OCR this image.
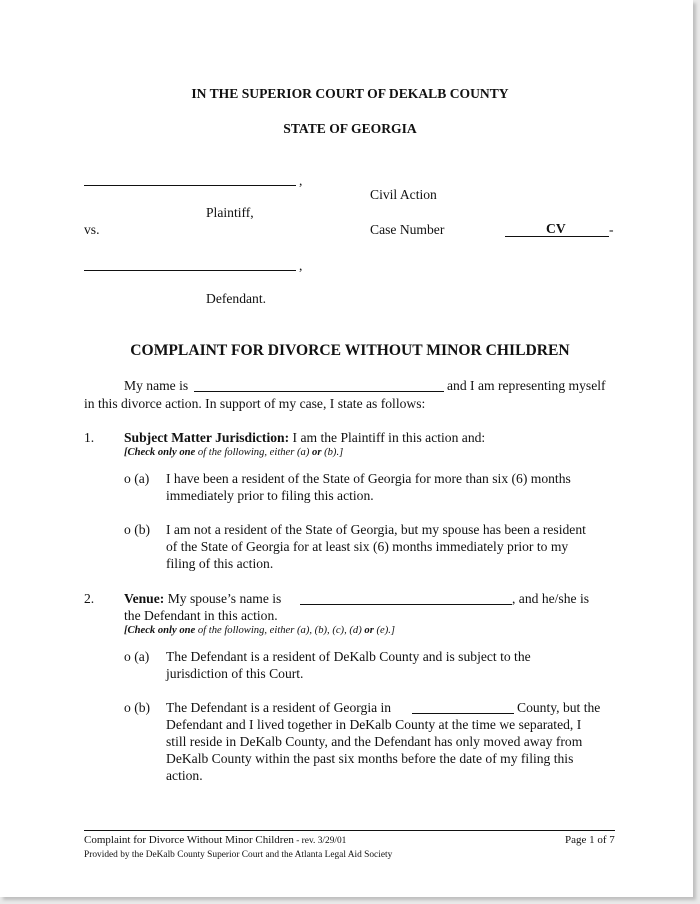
IN THE SUPERIOR COURT OF DEKALB COUNTY
STATE OF GEORGIA
,
Civil Action
Plaintiff,
vs.	Case Number	CV	-
,
Defendant.
COMPLAINT FOR DIVORCE WITHOUT MINOR CHILDREN
My name is	and I am representing myself
in this divorce action. In support of my case, I state as follows:
1. Subject Matter Jurisdiction: I am the Plaintiff in this action and:
[Check only one of the following, either (a) or (b).]
o (a) I have been a resident of the State of Georgia for more than six (6) months
immediately prior to filing this action.
o (b) I am not a resident of the State of Georgia, but my spouse has been a resident
of the State of Georgia for at least six (6) months immediately prior to my
filing of this action.
2. Venue: My spouse’s name is	, and he/she is
the Defendant in this action.
[Check only one of the following, either (a), (b), (c), (d) or (e).]
o (a) The Defendant is a resident of DeKalb County and is subject to the
jurisdiction of this Court.
o (b) The Defendant is a resident of Georgia in	County, but the
Defendant and I lived together in DeKalb County at the time we separated, I
still reside in DeKalb County, and the Defendant has only moved away from
DeKalb County within the past six months before the date of my filing this
action.
Complaint for Divorce Without Minor Children - rev. 3/29/01	Page 1 of 7
Provided by the DeKalb County Superior Court and the Atlanta Legal Aid Society
